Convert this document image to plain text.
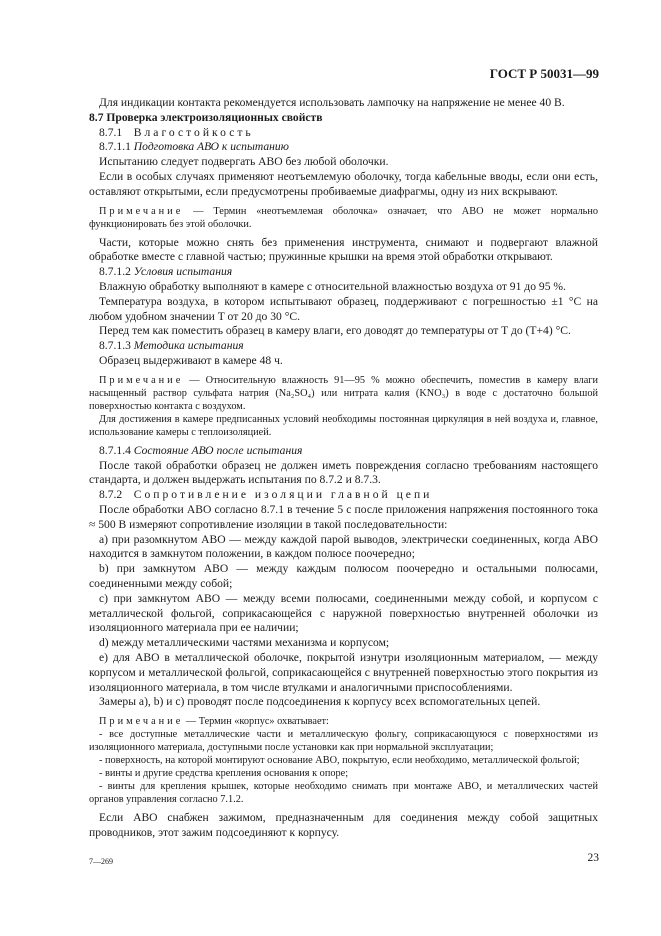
ГОСТ Р 50031—99

Для индикации контакта рекомендуется использовать лампочку на напряжение не менее 40 В.

8.7 Проверка электроизоляционных свойств

8.7.1 Влагостойкость

8.7.1.1 Подготовка АВО к испытанию

Испытанию следует подвергать АВО без любой оболочки.

Если в особых случаях применяют неотъемлемую оболочку, тогда кабельные вводы, если они есть, оставляют открытыми, если предусмотрены пробиваемые диафрагмы, одну из них вскрывают.

Примечание — Термин «неотъемлемая оболочка» означает, что АВО не может нормально функционировать без этой оболочки.

Части, которые можно снять без применения инструмента, снимают и подвергают влажной обработке вместе с главной частью; пружинные крышки на время этой обработки открывают.

8.7.1.2 Условия испытания

Влажную обработку выполняют в камере с относительной влажностью воздуха от 91 до 95 %.

Температура воздуха, в котором испытывают образец, поддерживают с погрешностью ±1 °С на любом удобном значении T от 20 до 30 °С.

Перед тем как поместить образец в камеру влаги, его доводят до температуры от T до (T+4) °С.

8.7.1.3 Методика испытания

Образец выдерживают в камере 48 ч.

Примечание — Относительную влажность 91—95 % можно обеспечить, поместив в камеру влаги насыщенный раствор сульфата натрия (Na₂SO₄) или нитрата калия (KNO₃) в воде с достаточно большой поверхностью контакта с воздухом.

Для достижения в камере предписанных условий необходимы постоянная циркуляция в ней воздуха и, главное, использование камеры с теплоизоляцией.

8.7.1.4 Состояние АВО после испытания

После такой обработки образец не должен иметь повреждения согласно требованиям настоящего стандарта, и должен выдержать испытания по 8.7.2 и 8.7.3.

8.7.2 Сопротивление изоляции главной цепи

После обработки АВО согласно 8.7.1 в течение 5 с после приложения напряжения постоянного тока ≈ 500 В измеряют сопротивление изоляции в такой последовательности:

а) при разомкнутом АВО — между каждой парой выводов, электрически соединенных, когда АВО находится в замкнутом положении, в каждом полюсе поочередно;

b) при замкнутом АВО — между каждым полюсом поочередно и остальными полюсами, соединенными между собой;

с) при замкнутом АВО — между всеми полюсами, соединенными между собой, и корпусом с металлической фольгой, соприкасающейся с наружной поверхностью внутренней оболочки из изоляционного материала при ее наличии;

d) между металлическими частями механизма и корпусом;

е) для АВО в металлической оболочке, покрытой изнутри изоляционным материалом, — между корпусом и металлической фольгой, соприкасающейся с внутренней поверхностью этого покрытия из изоляционного материала, в том числе втулками и аналогичными приспособлениями.

Замеры а), b) и с) проводят после подсоединения к корпусу всех вспомогательных цепей.

Примечание — Термин «корпус» охватывает:

- все доступные металлические части и металлическую фольгу, соприкасающуюся с поверхностями из изоляционного материала, доступными после установки как при нормальной эксплуатации;

- поверхность, на которой монтируют основание АВО, покрытую, если необходимо, металлической фольгой;

- винты и другие средства крепления основания к опоре;

- винты для крепления крышек, которые необходимо снимать при монтаже АВО, и металлических частей органов управления согласно 7.1.2.

Если АВО снабжен зажимом, предназначенным для соединения между собой защитных проводников, этот зажим подсоединяют к корпусу.

7—269	23
